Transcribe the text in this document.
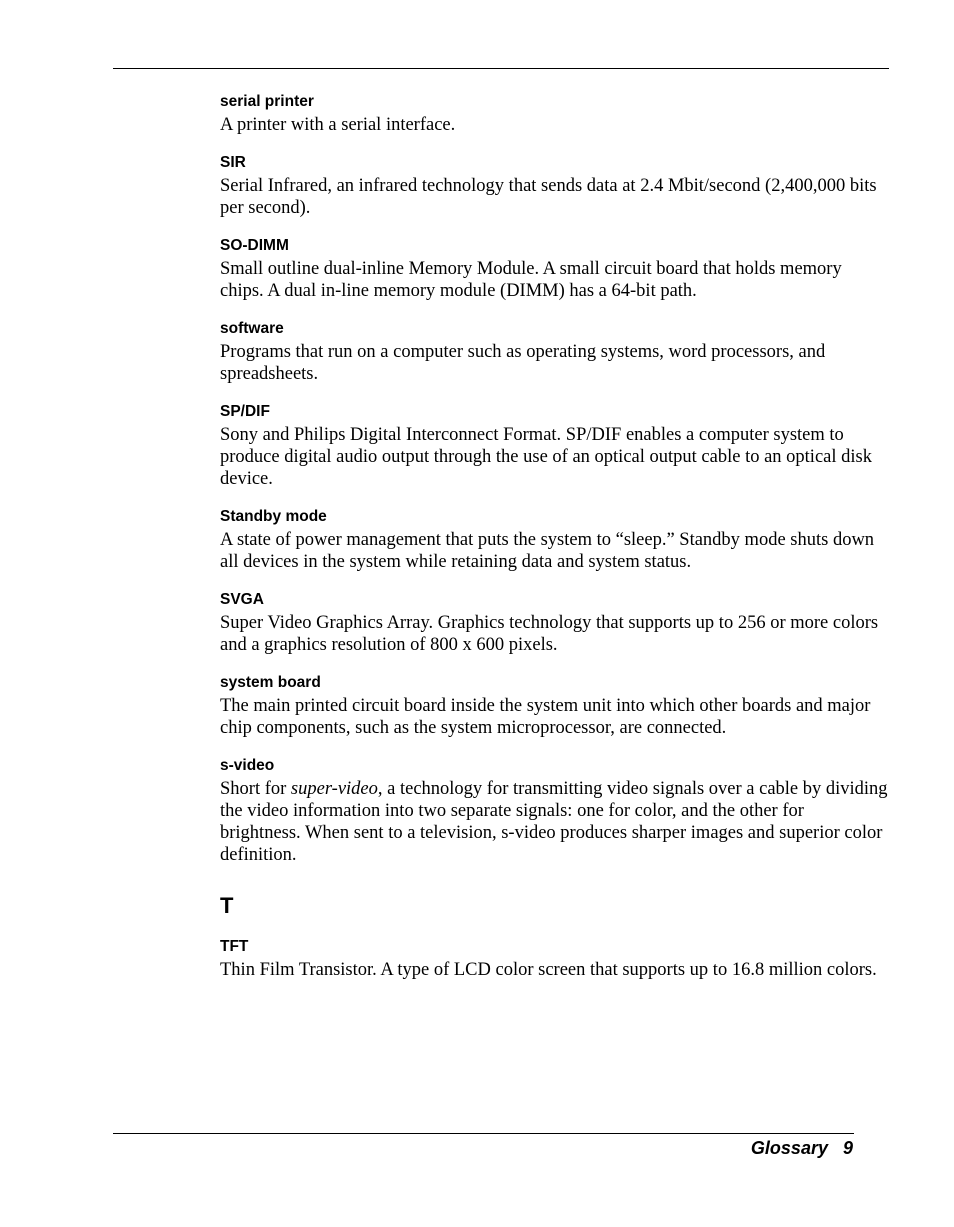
serial printer

A printer with a serial interface.

SIR

Serial Infrared, an infrared technology that sends data at 2.4 Mbit/second (2,400,000 bits per second).

SO-DIMM

Small outline dual-inline Memory Module. A small circuit board that holds memory chips. A dual in-line memory module (DIMM) has a 64-bit path.

software

Programs that run on a computer such as operating systems, word processors, and spreadsheets.

SP/DIF

Sony and Philips Digital Interconnect Format. SP/DIF enables a computer system to produce digital audio output through the use of an optical output cable to an optical disk device.

Standby mode

A state of power management that puts the system to “sleep.” Standby mode shuts down all devices in the system while retaining data and system status.

SVGA

Super Video Graphics Array. Graphics technology that supports up to 256 or more colors and a graphics resolution of 800 x 600 pixels.

system board

The main printed circuit board inside the system unit into which other boards and major chip components, such as the system microprocessor, are connected.

s-video

Short for super-video, a technology for transmitting video signals over a cable by dividing the video information into two separate signals: one for color, and the other for brightness. When sent to a television, s-video produces sharper images and superior color definition.

T
TFT

Thin Film Transistor. A type of LCD color screen that supports up to 16.8 million colors.

Glossary 9
